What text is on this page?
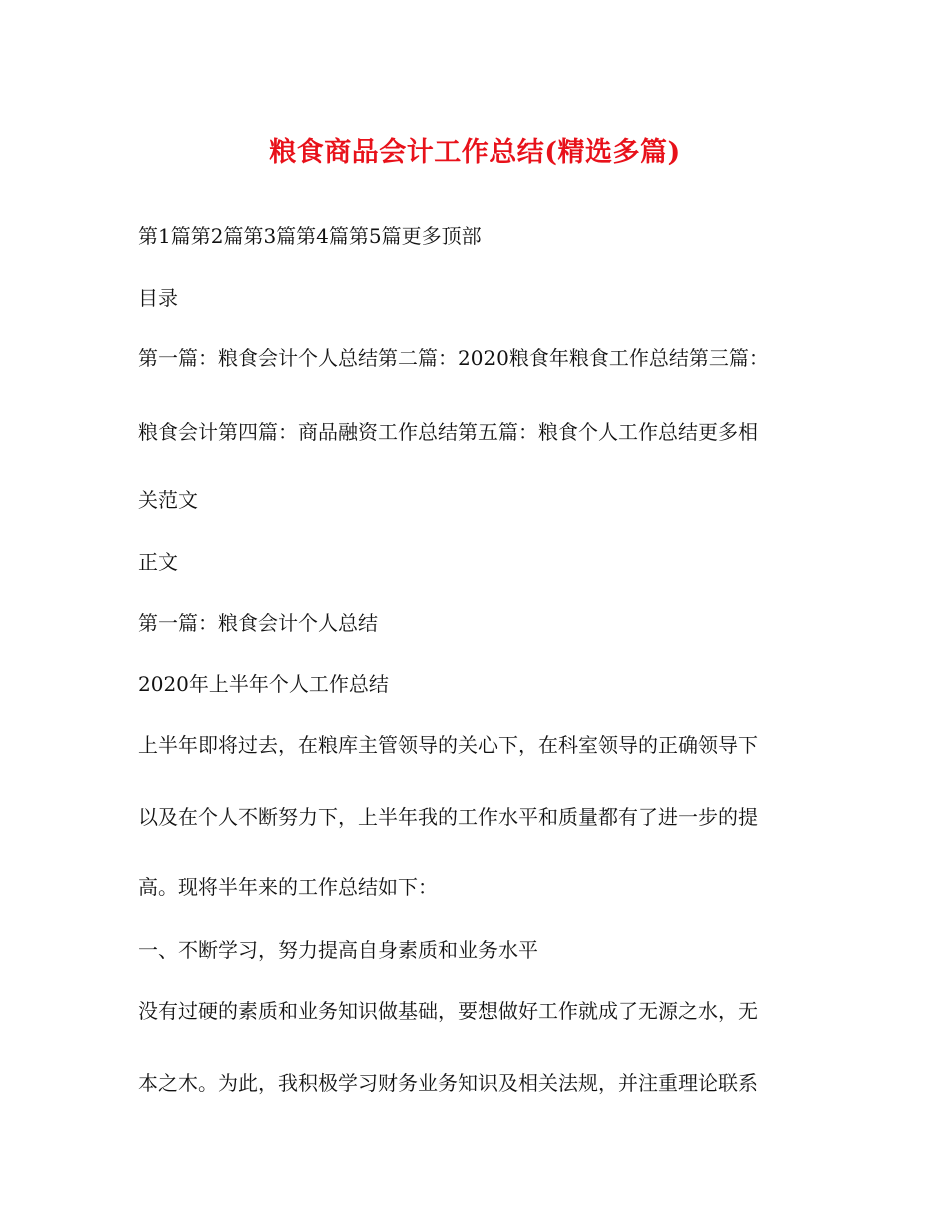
粮食商品会计工作总结(精选多篇)
第1篇第2篇第3篇第4篇第5篇更多顶部
目录
第一篇：粮食会计个人总结第二篇：2020粮食年粮食工作总结第三篇：
粮食会计第四篇：商品融资工作总结第五篇：粮食个人工作总结更多相
关范文
正文
第一篇：粮食会计个人总结
2020年上半年个人工作总结
上半年即将过去，在粮库主管领导的关心下，在科室领导的正确领导下
以及在个人不断努力下，上半年我的工作水平和质量都有了进一步的提
高。现将半年来的工作总结如下：
一、不断学习，努力提高自身素质和业务水平
没有过硬的素质和业务知识做基础，要想做好工作就成了无源之水，无
本之木。为此，我积极学习财务业务知识及相关法规，并注重理论联系
